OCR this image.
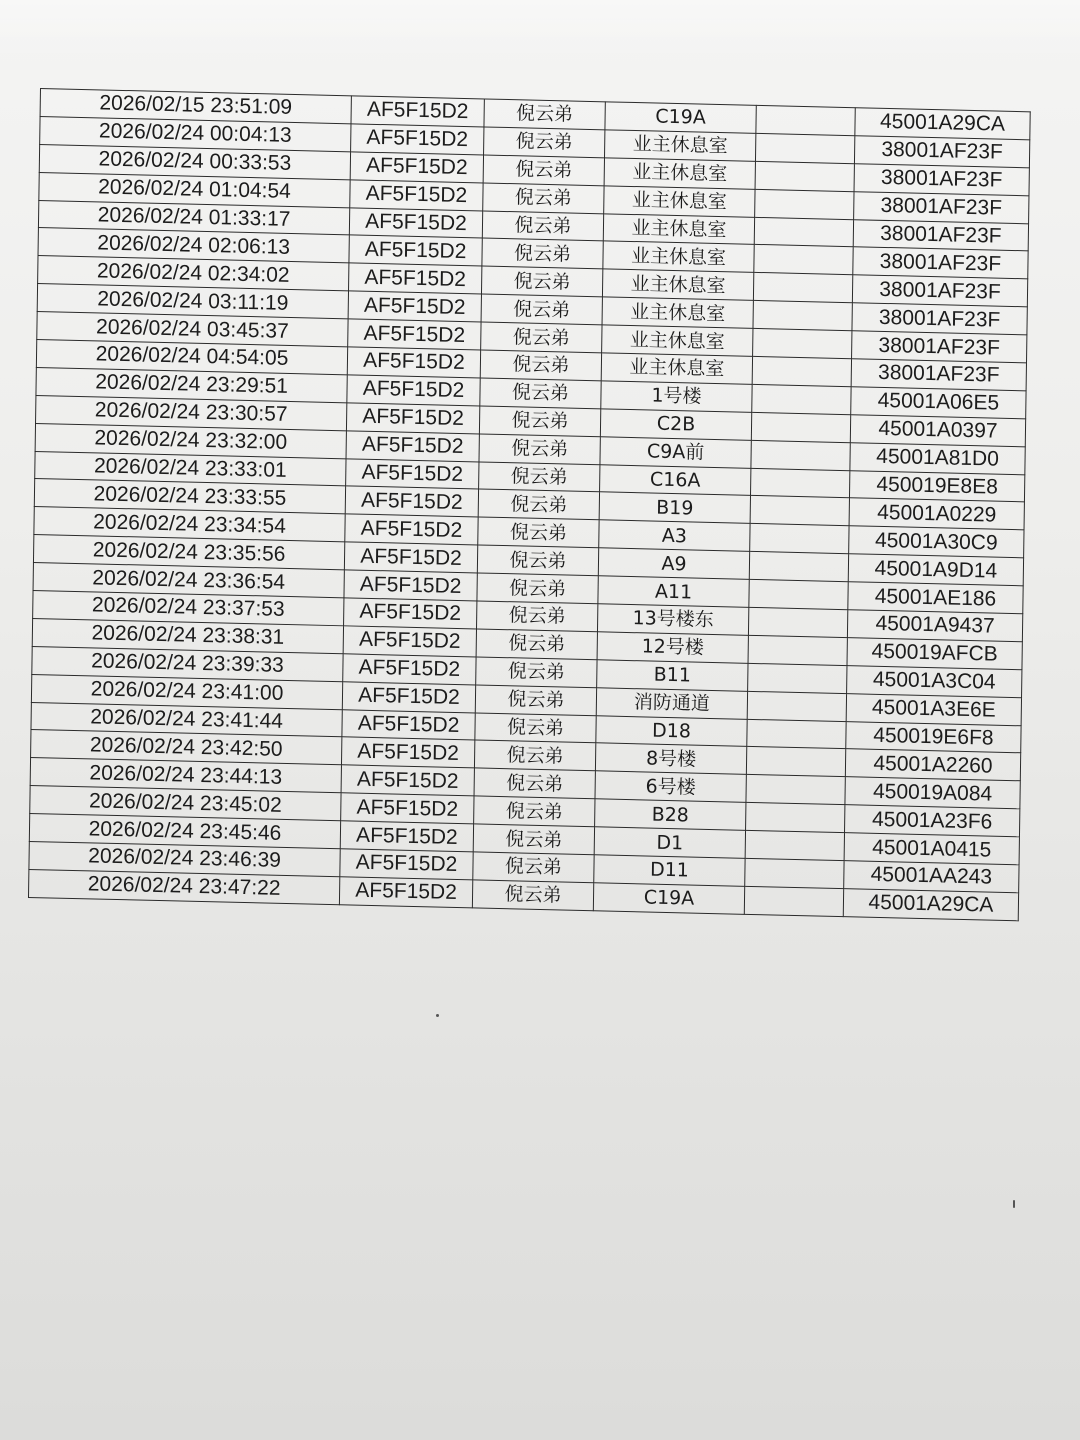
2026/02/15 23:51:09	AF5F15D2	倪云弟	C19A		45001A29CA
2026/02/24 00:04:13	AF5F15D2	倪云弟	业主休息室		38001AF23F
2026/02/24 00:33:53	AF5F15D2	倪云弟	业主休息室		38001AF23F
2026/02/24 01:04:54	AF5F15D2	倪云弟	业主休息室		38001AF23F
2026/02/24 01:33:17	AF5F15D2	倪云弟	业主休息室		38001AF23F
2026/02/24 02:06:13	AF5F15D2	倪云弟	业主休息室		38001AF23F
2026/02/24 02:34:02	AF5F15D2	倪云弟	业主休息室		38001AF23F
2026/02/24 03:11:19	AF5F15D2	倪云弟	业主休息室		38001AF23F
2026/02/24 03:45:37	AF5F15D2	倪云弟	业主休息室		38001AF23F
2026/02/24 04:54:05	AF5F15D2	倪云弟	业主休息室		38001AF23F
2026/02/24 23:29:51	AF5F15D2	倪云弟	1号楼		45001A06E5
2026/02/24 23:30:57	AF5F15D2	倪云弟	C2B		45001A0397
2026/02/24 23:32:00	AF5F15D2	倪云弟	C9A前		45001A81D0
2026/02/24 23:33:01	AF5F15D2	倪云弟	C16A		450019E8E8
2026/02/24 23:33:55	AF5F15D2	倪云弟	B19		45001A0229
2026/02/24 23:34:54	AF5F15D2	倪云弟	A3		45001A30C9
2026/02/24 23:35:56	AF5F15D2	倪云弟	A9		45001A9D14
2026/02/24 23:36:54	AF5F15D2	倪云弟	A11		45001AE186
2026/02/24 23:37:53	AF5F15D2	倪云弟	13号楼东		45001A9437
2026/02/24 23:38:31	AF5F15D2	倪云弟	12号楼		450019AFCB
2026/02/24 23:39:33	AF5F15D2	倪云弟	B11		45001A3C04
2026/02/24 23:41:00	AF5F15D2	倪云弟	消防通道		45001A3E6E
2026/02/24 23:41:44	AF5F15D2	倪云弟	D18		450019E6F8
2026/02/24 23:42:50	AF5F15D2	倪云弟	8号楼		45001A2260
2026/02/24 23:44:13	AF5F15D2	倪云弟	6号楼		450019A084
2026/02/24 23:45:02	AF5F15D2	倪云弟	B28		45001A23F6
2026/02/24 23:45:46	AF5F15D2	倪云弟	D1		45001A0415
2026/02/24 23:46:39	AF5F15D2	倪云弟	D11		45001AA243
2026/02/24 23:47:22	AF5F15D2	倪云弟	C19A		45001A29CA
